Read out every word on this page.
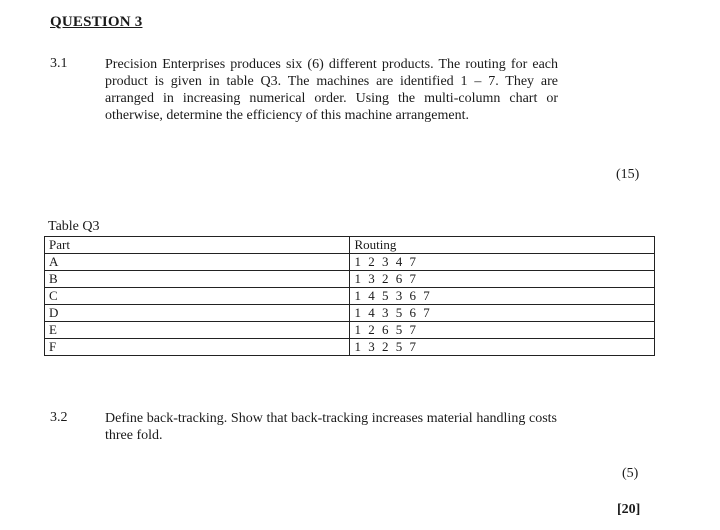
QUESTION 3
3.1	Precision Enterprises produces six (6) different products. The routing for each product is given in table Q3. The machines are identified 1 – 7. They are arranged in increasing numerical order. Using the multi-column chart or otherwise, determine the efficiency of this machine arrangement.
(15)
Table Q3
Part	Routing
A	1 2 3 4 7
B	1 3 2 6 7
C	1 4 5 3 6 7
D	1 4 3 5 6 7
E	1 2 6 5 7
F	1 3 2 5 7
3.2	Define back-tracking. Show that back-tracking increases material handling costs three fold.
(5)
[20]
